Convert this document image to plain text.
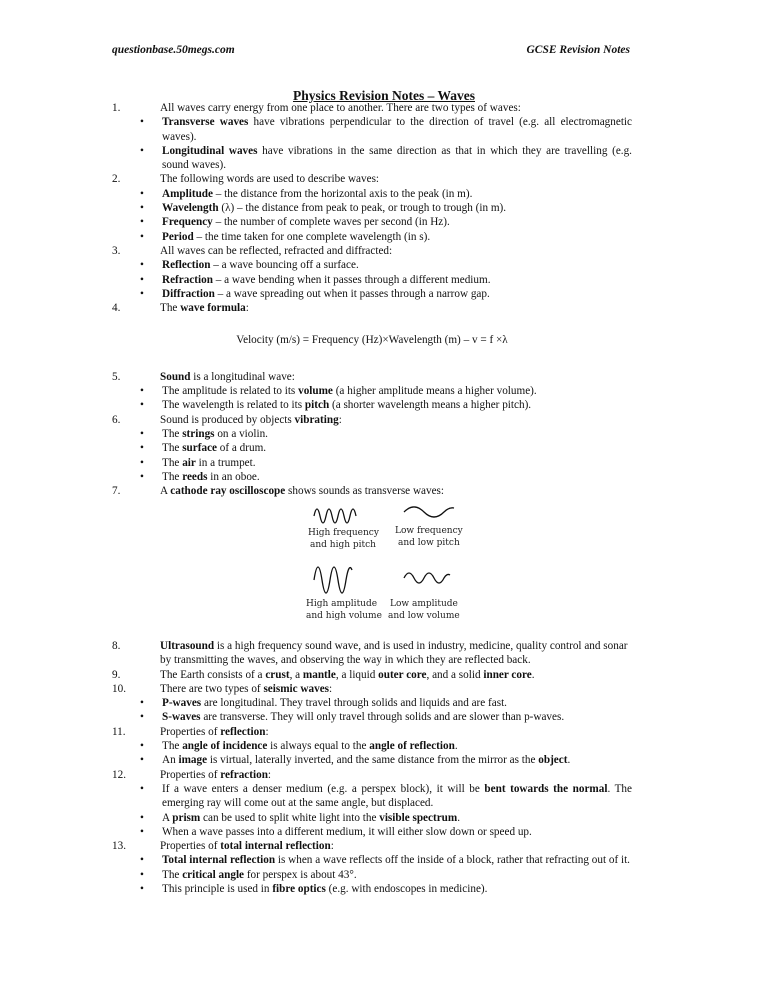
questionbase.50megs.com	GCSE Revision Notes
Physics Revision Notes – Waves
1.	All waves carry energy from one place to another. There are two types of waves:
• Transverse waves have vibrations perpendicular to the direction of travel (e.g. all electromagnetic waves).
• Longitudinal waves have vibrations in the same direction as that in which they are travelling (e.g. sound waves).
2.	The following words are used to describe waves:
• Amplitude – the distance from the horizontal axis to the peak (in m).
• Wavelength (λ) – the distance from peak to peak, or trough to trough (in m).
• Frequency – the number of complete waves per second (in Hz).
• Period – the time taken for one complete wavelength (in s).
3.	All waves can be reflected, refracted and diffracted:
• Reflection – a wave bouncing off a surface.
• Refraction – a wave bending when it passes through a different medium.
• Diffraction – a wave spreading out when it passes through a narrow gap.
4.	The wave formula:
Velocity (m/s) = Frequency (Hz)×Wavelength (m) – v = f ×λ
5.	Sound is a longitudinal wave:
• The amplitude is related to its volume (a higher amplitude means a higher volume).
• The wavelength is related to its pitch (a shorter wavelength means a higher pitch).
6.	Sound is produced by objects vibrating:
• The strings on a violin.
• The surface of a drum.
• The air in a trumpet.
• The reeds in an oboe.
7.	A cathode ray oscilloscope shows sounds as transverse waves:
High frequency
and high pitch
Low frequency
and low pitch
High amplitude
and high volume
Low amplitude
and low volume
8.	Ultrasound is a high frequency sound wave, and is used in industry, medicine, quality control and sonar by transmitting the waves, and observing the way in which they are reflected back.
9.	The Earth consists of a crust, a mantle, a liquid outer core, and a solid inner core.
10.	There are two types of seismic waves:
• P-waves are longitudinal. They travel through solids and liquids and are fast.
• S-waves are transverse. They will only travel through solids and are slower than p-waves.
11.	Properties of reflection:
• The angle of incidence is always equal to the angle of reflection.
• An image is virtual, laterally inverted, and the same distance from the mirror as the object.
12.	Properties of refraction:
• If a wave enters a denser medium (e.g. a perspex block), it will be bent towards the normal. The emerging ray will come out at the same angle, but displaced.
• A prism can be used to split white light into the visible spectrum.
• When a wave passes into a different medium, it will either slow down or speed up.
13.	Properties of total internal reflection:
• Total internal reflection is when a wave reflects off the inside of a block, rather that refracting out of it.
• The critical angle for perspex is about 43°.
• This principle is used in fibre optics (e.g. with endoscopes in medicine).
